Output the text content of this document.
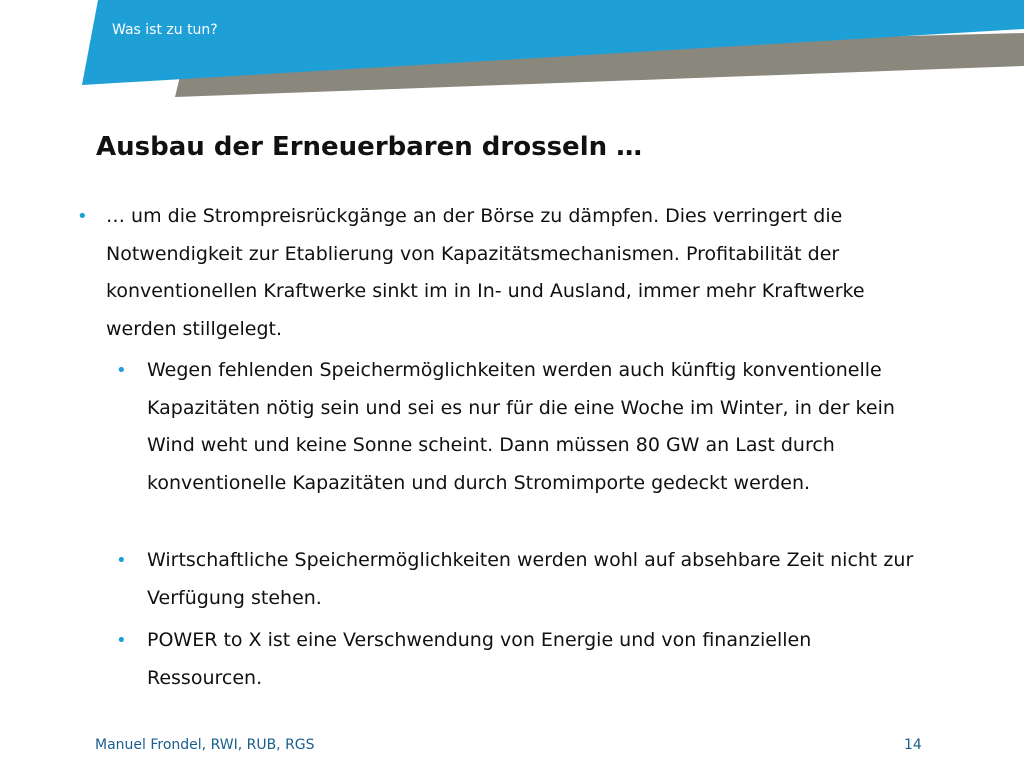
Was ist zu tun?
Ausbau der Erneuerbaren drosseln …
• … um die Strompreisrückgänge an der Börse zu dämpfen. Dies verringert die Notwendigkeit zur Etablierung von Kapazitätsmechanismen. Profitabilität der konventionellen Kraftwerke sinkt im in In- und Ausland, immer mehr Kraftwerke werden stillgelegt.
• Wegen fehlenden Speichermöglichkeiten werden auch künftig konventionelle Kapazitäten nötig sein und sei es nur für die eine Woche im Winter, in der kein Wind weht und keine Sonne scheint. Dann müssen 80 GW an Last durch konventionelle Kapazitäten und durch Stromimporte gedeckt werden.
• Wirtschaftliche Speichermöglichkeiten werden wohl auf absehbare Zeit nicht zur Verfügung stehen.
• POWER to X ist eine Verschwendung von Energie und von finanziellen Ressourcen.
Manuel Frondel, RWI, RUB, RGS	14
